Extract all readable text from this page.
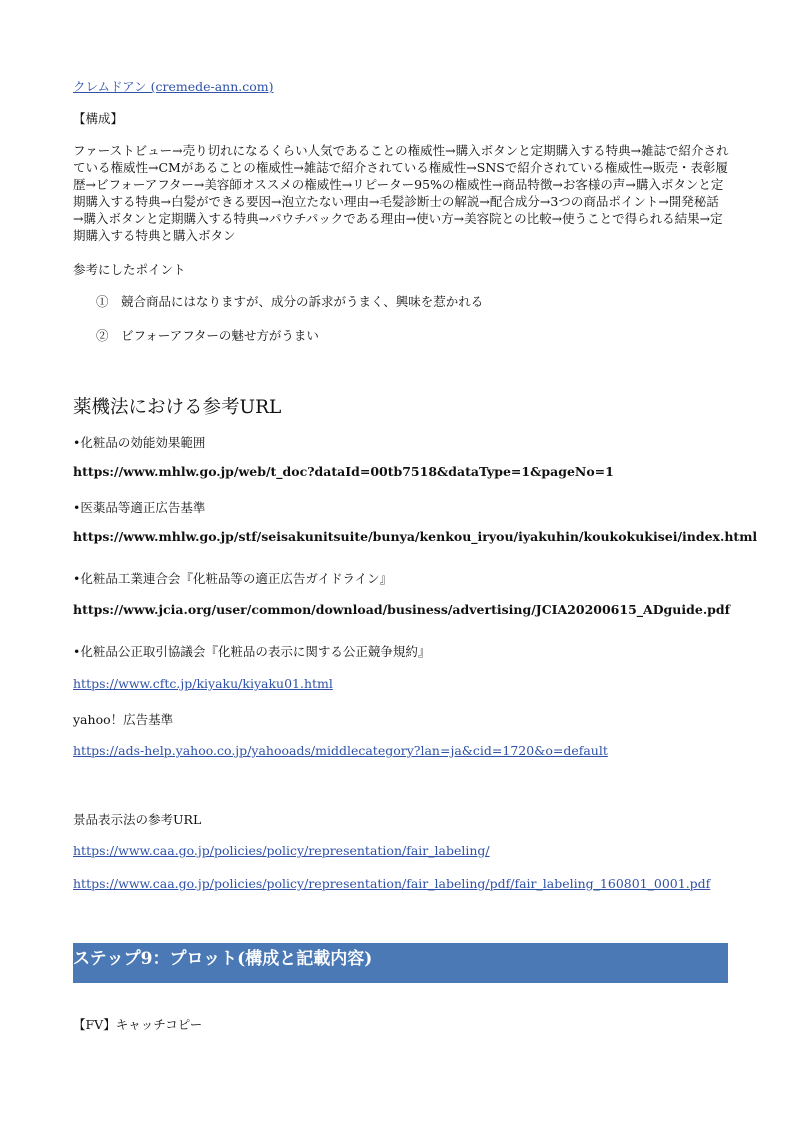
クレムドアン (cremede-ann.com)
【構成】
ファーストビュー→売り切れになるくらい人気であることの権威性→購入ボタンと定期購入する特典→雑誌で紹介されている権威性→CMがあることの権威性→雑誌で紹介されている権威性→SNSで紹介されている権威性→販売・表彰履歴→ビフォーアフター→美容師オススメの権威性→リピーター95%の権威性→商品特徴→お客様の声→購入ボタンと定期購入する特典→白髪ができる要因→泡立たない理由→毛髪診断士の解説→配合成分→3つの商品ポイント→開発秘話→購入ボタンと定期購入する特典→パウチパックである理由→使い方→美容院との比較→使うことで得られる結果→定期購入する特典と購入ボタン
参考にしたポイント
①　競合商品にはなりますが、成分の訴求がうまく、興味を惹かれる
②　ビフォーアフターの魅せ方がうまい
薬機法における参考URL
•化粧品の効能効果範囲
https://www.mhlw.go.jp/web/t_doc?dataId=00tb7518&dataType=1&pageNo=1
•医薬品等適正広告基準
https://www.mhlw.go.jp/stf/seisakunitsuite/bunya/kenkou_iryou/iyakuhin/koukokukisei/index.html
•化粧品工業連合会『化粧品等の適正広告ガイドライン』
https://www.jcia.org/user/common/download/business/advertising/JCIA20200615_ADguide.pdf
•化粧品公正取引協議会『化粧品の表示に関する公正競争規約』
https://www.cftc.jp/kiyaku/kiyaku01.html
yahoo！広告基準
https://ads-help.yahoo.co.jp/yahooads/middlecategory?lan=ja&cid=1720&o=default
景品表示法の参考URL
https://www.caa.go.jp/policies/policy/representation/fair_labeling/
https://www.caa.go.jp/policies/policy/representation/fair_labeling/pdf/fair_labeling_160801_0001.pdf
ステップ9：プロット(構成と記載内容)
【FV】キャッチコピー
